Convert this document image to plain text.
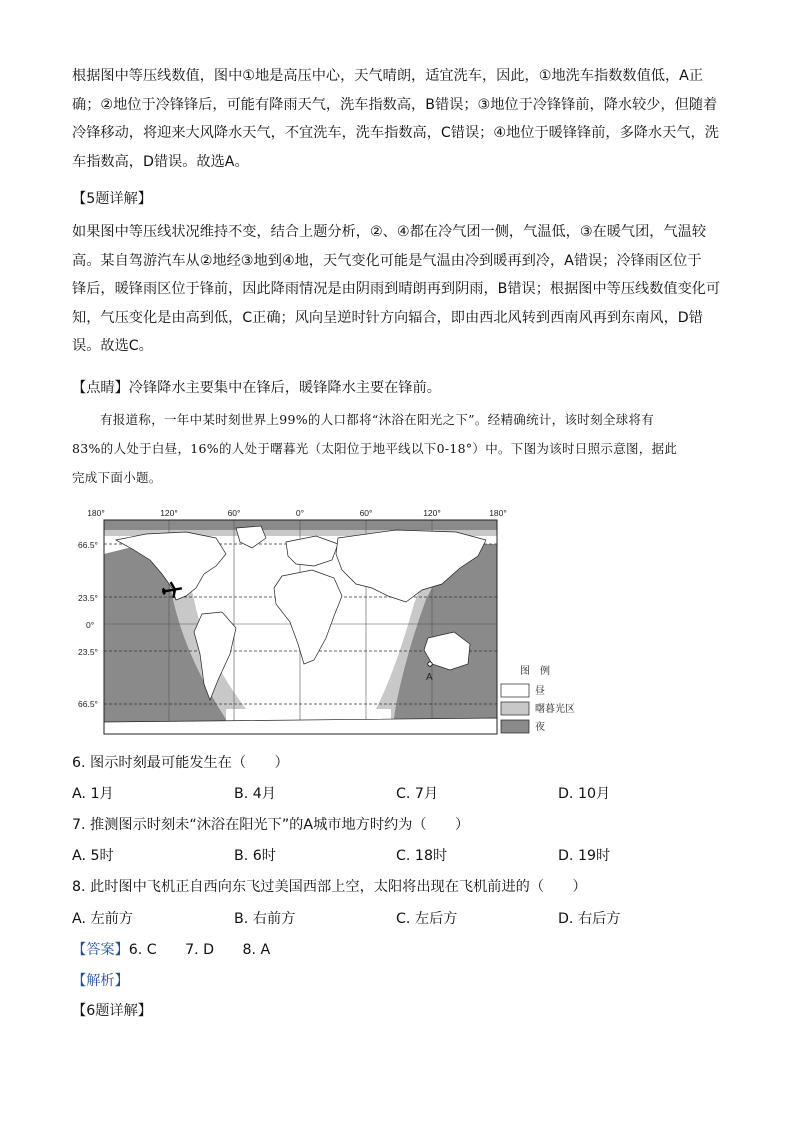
根据图中等压线数值，图中①地是高压中心，天气晴朗，适宜洗车，因此，①地洗车指数数值低，A正
确；②地位于冷锋锋后，可能有降雨天气，洗车指数高，B错误；③地位于冷锋锋前，降水较少，但随着
冷锋移动，将迎来大风降水天气，不宜洗车，洗车指数高，C错误；④地位于暖锋锋前，多降水天气，洗
车指数高，D错误。故选A。
【5题详解】
如果图中等压线状况维持不变，结合上题分析，②、④都在冷气团一侧，气温低，③在暖气团，气温较
高。某自驾游汽车从②地经③地到④地，天气变化可能是气温由冷到暖再到冷，A错误；冷锋雨区位于
锋后，暖锋雨区位于锋前，因此降雨情况是由阴雨到晴朗再到阴雨，B错误；根据图中等压线数值变化可
知，气压变化是由高到低，C正确；风向呈逆时针方向辐合，即由西北风转到西南风再到东南风，D错
误。故选C。
【点睛】冷锋降水主要集中在锋后，暖锋降水主要在锋前。
有报道称，一年中某时刻世界上99%的人口都将“沐浴在阳光之下”。经精确统计，该时刻全球将有
83%的人处于白昼，16%的人处于曙暮光（太阳位于地平线以下0-18°）中。下图为该时日照示意图，据此
完成下面小题。
180°	120°	60°	0°	60°	120°	180°
66.5°
23.5°
0°
23.5°
66.5°
A
图　例
昼
曙暮光区
夜
6. 图示时刻最可能发生在（　　）
A. 1月	B. 4月	C. 7月	D. 10月
7. 推测图示时刻未“沐浴在阳光下”的A城市地方时约为（　　）
A. 5时	B. 6时	C. 18时	D. 19时
8. 此时图中飞机正自西向东飞过美国西部上空，太阳将出现在飞机前进的（　　）
A. 左前方	B. 右前方	C. 左后方	D. 右后方
【答案】6. C　　7. D　　8. A
【解析】
【6题详解】
